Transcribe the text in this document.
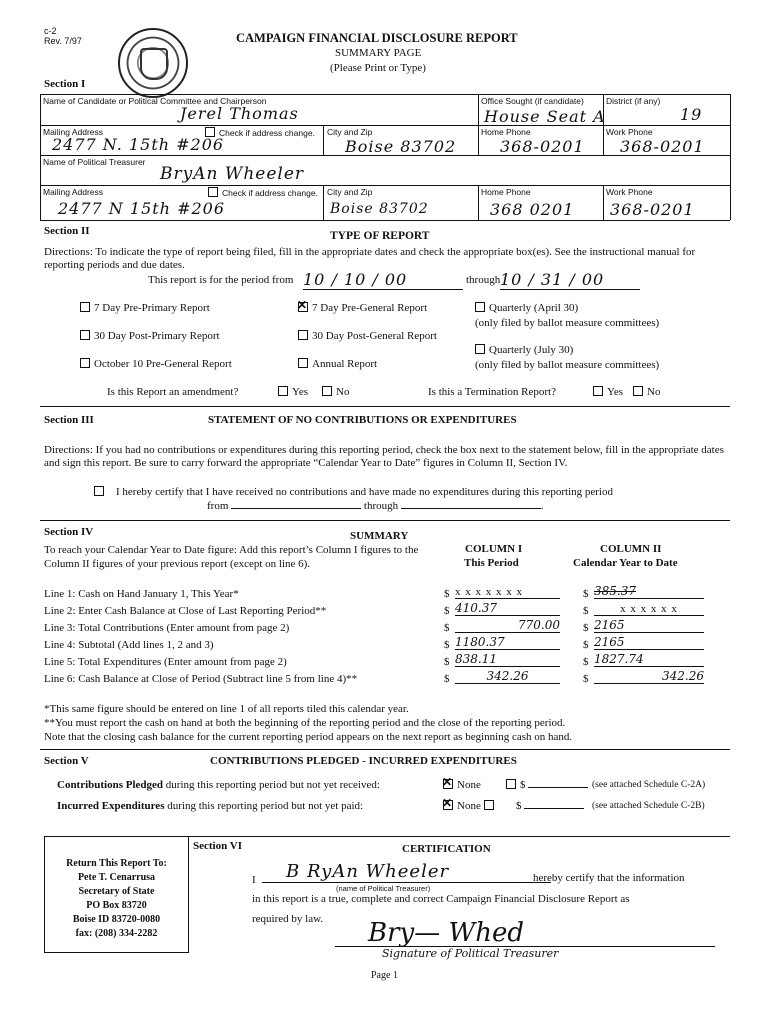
c-2
Rev. 7/97	CAMPAIGN FINANCIAL DISCLOSURE REPORT
SUMMARY PAGE
(Please Print or Type)
Section I
Name of Candidate or Political Committee and Chairperson
Jerel Thomas
Office Sought (if candidate)
House Seat A
District (if any)
19
Mailing Address	Check if address change.
2477 N. 15th #206
City and Zip
Boise 83702
Home Phone
368-0201
Work Phone
368-0201
Name of Political Treasurer
BryAn Wheeler
Mailing Address	Check if address change.
2477 N 15th #206
City and Zip
Boise 83702
Home Phone
368 0201
Work Phone
368-0201
Section II	TYPE OF REPORT
Directions: To indicate the type of report being filed, fill in the appropriate dates and check the appropriate box(es). See the instructional manual for reporting periods and due dates.
This report is for the period from 10 / 10 / 00	through 10 / 31 / 00
7 Day Pre-Primary Report ✕	7 Day Pre-General Report	Quarterly (April 30)
(only filed by ballot measure committees)
30 Day Post-Primary Report	30 Day Post-General Report
Quarterly (July 30)
(only filed by ballot measure committees)
October 10 Pre-General Report	Annual Report
Is this Report an amendment?	Yes	No	Is this a Termination Report?	Yes	No
Section III	STATEMENT OF NO CONTRIBUTIONS OR EXPENDITURES
Directions: If you had no contributions or expenditures during this reporting period, check the box next to the statement below, fill in the appropriate dates and sign this report. Be sure to carry forward the appropriate “Calendar Year to Date” figures in Column II, Section IV.
I hereby certify that I have received no contributions and have made no expenditures during this reporting period
from	through	.
Section IV	SUMMARY
To reach your Calendar Year to Date figure: Add this report’s Column I figures to the Column II figures of your previous report (except on line 6).
COLUMN I
This Period
COLUMN II
Calendar Year to Date
Line 1: Cash on Hand January 1, This Year*	$ x x x x x x x	$ 385.37
Line 2: Enter Cash Balance at Close of Last Reporting Period**	$ 410.37	$	x x x x x x
Line 3: Total Contributions (Enter amount from page 2)	$	770.00 $ 2165
Line 4: Subtotal (Add lines 1, 2 and 3)	$ 1180.37	$ 2165
Line 5: Total Expenditures (Enter amount from page 2)	$ 838.11	$ 1827.74
Line 6: Cash Balance at Close of Period (Subtract line 5 from line 4)**	$	342.26	$	342.26
*This same figure should be entered on line 1 of all reports tiled this calendar year.
**You must report the cash on hand at both the beginning of the reporting period and the close of the reporting period.
Note that the closing cash balance for the current reporting period appears on the next report as beginning cash on hand.
Section V	CONTRIBUTIONS PLEDGED - INCURRED EXPENDITURES
Contributions Pledged during this reporting period but not yet received: ✕	None	$	(see attached Schedule C-2A)
Incurred Expenditures during this reporting period but not yet paid: ✕	None	$	(see attached Schedule C-2B)
Return This Report To:
Pete T. Cenarrusa
Secretary of State
PO Box 83720
Boise ID 83720-0080
fax: (208) 334-2282
Section VI	CERTIFICATION
I	B RyAn Wheeler
(name of Political Treasurer)
hereby certify that the information
in this report is a true, complete and correct Campaign Financial Disclosure Report as
required by law. Bry— Whed
Signature of Political Treasurer
Page 1
